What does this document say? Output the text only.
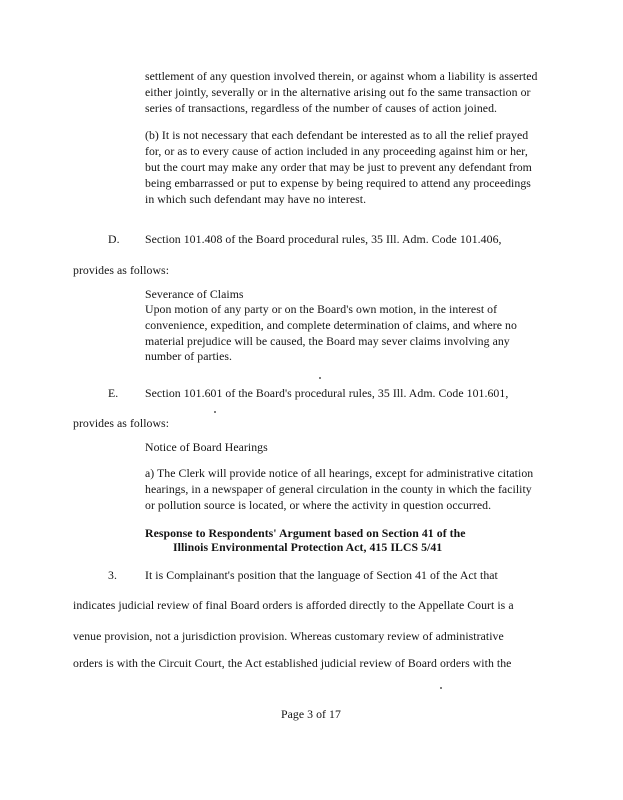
settlement of any question involved therein, or against whom a liability is asserted
either jointly, severally or in the alternative arising out fo the same transaction or
series of transactions, regardless of the number of causes of action joined.
(b) It is not necessary that each defendant be interested as to all the relief prayed
for, or as to every cause of action included in any proceeding against him or her,
but the court may make any order that may be just to prevent any defendant from
being embarrassed or put to expense by being required to attend any proceedings
in which such defendant may have no interest.
D. Section 101.408 of the Board procedural rules, 35 Ill. Adm. Code 101.406,
provides as follows:
Severance of Claims
Upon motion of any party or on the Board's own motion, in the interest of
convenience, expedition, and complete determination of claims, and where no
material prejudice will be caused, the Board may sever claims involving any
number of parties.
E. Section 101.601 of the Board's procedural rules, 35 Ill. Adm. Code 101.601,
provides as follows:
Notice of Board Hearings
a) The Clerk will provide notice of all hearings, except for administrative citation
hearings, in a newspaper of general circulation in the county in which the facility
or pollution source is located, or where the activity in question occurred.
Response to Respondents' Argument based on Section 41 of the
Illinois Environmental Protection Act, 415 ILCS 5/41
3. It is Complainant's position that the language of Section 41 of the Act that
indicates judicial review of final Board orders is afforded directly to the Appellate Court is a
venue provision, not a jurisdiction provision. Whereas customary review of administrative
orders is with the Circuit Court, the Act established judicial review of Board orders with the
Page 3 of 17
